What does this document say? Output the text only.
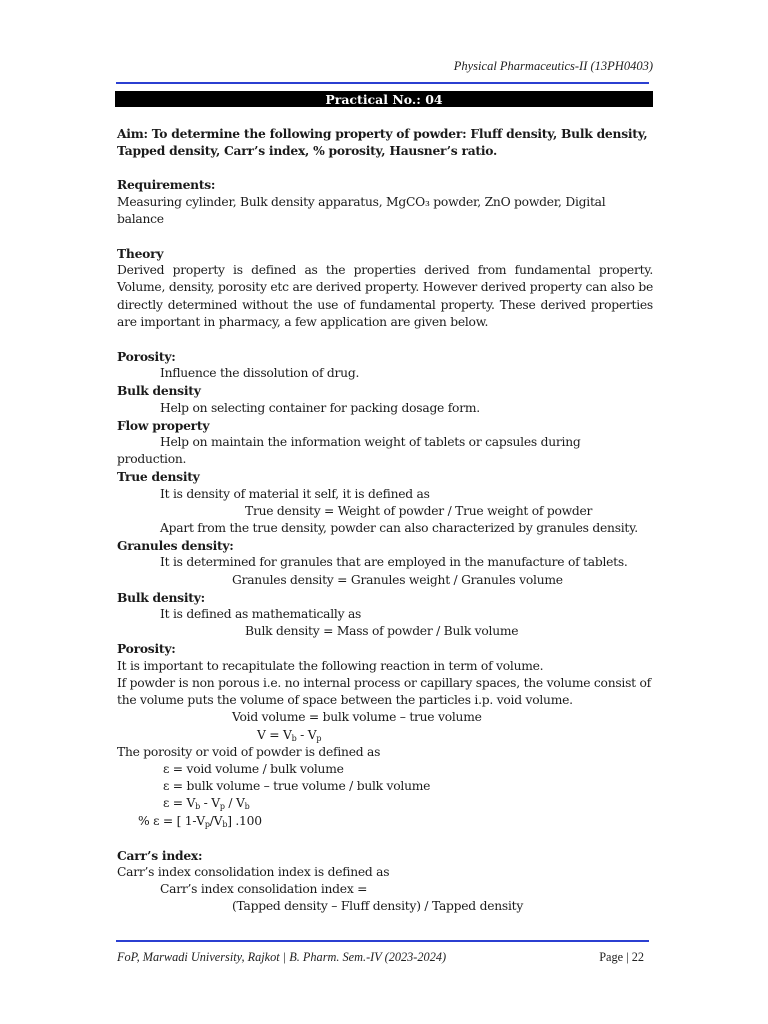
Physical Pharmaceutics-II (13PH0403)
Practical No.: 04

Aim: To determine the following property of powder: Fluff density, Bulk density, Tapped density, Carr’s index, % porosity, Hausner’s ratio.

Requirements:

Measuring cylinder, Bulk density apparatus, MgCO₃ powder, ZnO powder, Digital balance

Theory

Derived property is defined as the properties derived from fundamental property. Volume, density, porosity etc are derived property. However derived property can also be directly determined without the use of fundamental property. These derived properties are important in pharmacy, a few application are given below.

Porosity:

Influence the dissolution of drug.

Bulk density

Help on selecting container for packing dosage form.

Flow property

Help on maintain the information weight of tablets or capsules during

production.

True density

It is density of material it self, it is defined as

True density = Weight of powder / True weight of powder

Apart from the true density, powder can also characterized by granules density.

Granules density:

It is determined for granules that are employed in the manufacture of tablets.

Granules density = Granules weight / Granules volume

Bulk density:

It is defined as mathematically as

Bulk density = Mass of powder / Bulk volume

Porosity:

It is important to recapitulate the following reaction in term of volume.

If powder is non porous i.e. no internal process or capillary spaces, the volume consist of the volume puts the volume of space between the particles i.p. void volume.

Void volume = bulk volume – true volume

$V = V_b - V_p$

The porosity or void of powder is defined as

ε = void volume / bulk volume

ε = bulk volume – true volume / bulk volume

$\varepsilon = V_b - V_p / V_b$

% ε = [ $1-V_p/V_b$] .100

Carr’s index:

Carr’s index consolidation index is defined as

Carr’s index consolidation index =

(Tapped density – Fluff density) / Tapped density

FoP, Marwadi University, Rajkot | B. Pharm. Sem.-IV (2023-2024)	Page | 22
